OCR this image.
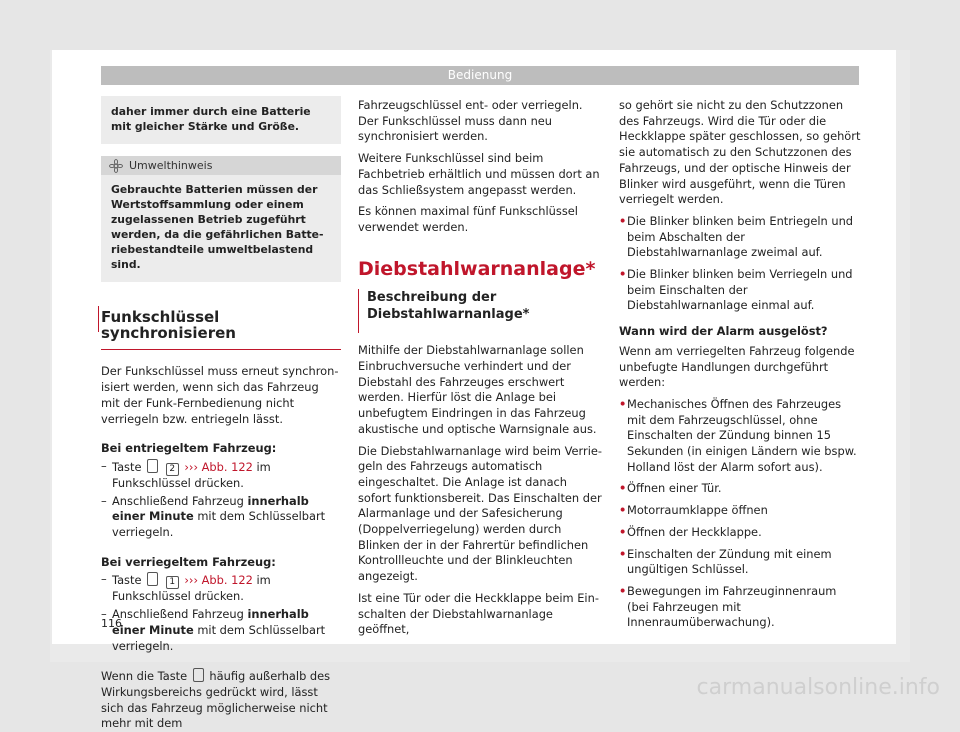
Bedienung
daher immer durch eine Batterie mit gleicher Stärke und Größe.
Umwelthinweis
Gebrauchte Batterien müssen der Wertstoffsammlung oder einem zugelassenen Betrieb zugeführt werden, da die gefährlichen Batteriebestandteile umweltbelastend sind.
Funkschlüssel synchronisieren
Der Funkschlüssel muss erneut synchronisiert werden, wenn sich das Fahrzeug mit der Funk-Fernbedienung nicht verriegeln bzw. entriegeln lässt.
Bei entriegeltem Fahrzeug:
– Taste	2 ››› Abb. 122 im Funkschlüssel drücken.
– Anschließend Fahrzeug innerhalb einer Minute mit dem Schlüsselbart verriegeln.
Bei verriegeltem Fahrzeug:
– Taste	1 ››› Abb. 122 im Funkschlüssel drücken.
– Anschließend Fahrzeug innerhalb einer Minute mit dem Schlüsselbart verriegeln.
Wenn die Taste häufig außerhalb des Wirkungsbereichs gedrückt wird, lässt sich das Fahrzeug möglicherweise nicht mehr mit dem
Fahrzeugschlüssel ent- oder verriegeln. Der Funkschlüssel muss dann neu synchronisiert werden.
Weitere Funkschlüssel sind beim Fachbetrieb erhältlich und müssen dort an das Schließsystem angepasst werden.
Es können maximal fünf Funkschlüssel verwendet werden.
Diebstahlwarnanlage*
Beschreibung der Diebstahlwarnanlage*
Mithilfe der Diebstahlwarnanlage sollen Einbruchversuche verhindert und der Diebstahl des Fahrzeuges erschwert werden. Hierfür löst die Anlage bei unbefugtem Eindringen in das Fahrzeug akustische und optische Warnsignale aus.
Die Diebstahlwarnanlage wird beim Verriegeln des Fahrzeugs automatisch eingeschaltet. Die Anlage ist danach sofort funktionsbereit. Das Einschalten der Alarmanlage und der Safesicherung (Doppelverriegelung) werden durch Blinken der in der Fahrertür befindlichen Kontrollleuchte und der Blinkleuchten angezeigt.
Ist eine Tür oder die Heckklappe beim Einschalten der Diebstahlwarnanlage geöffnet,
so gehört sie nicht zu den Schutzzonen des Fahrzeugs. Wird die Tür oder die Heckklappe später geschlossen, so gehört sie automatisch zu den Schutzzonen des Fahrzeugs, und der optische Hinweis der Blinker wird ausgeführt, wenn die Türen verriegelt werden.
• Die Blinker blinken beim Entriegeln und beim Abschalten der Diebstahlwarnanlage zweimal auf.
• Die Blinker blinken beim Verriegeln und beim Einschalten der Diebstahlwarnanlage einmal auf.
Wann wird der Alarm ausgelöst?
Wenn am verriegelten Fahrzeug folgende unbefugte Handlungen durchgeführt werden:
• Mechanisches Öffnen des Fahrzeuges mit dem Fahrzeugschlüssel, ohne Einschalten der Zündung binnen 15 Sekunden (in einigen Ländern wie bspw. Holland löst der Alarm sofort aus).
• Öffnen einer Tür.
• Motorraumklappe öffnen
• Öffnen der Heckklappe.
• Einschalten der Zündung mit einem ungültigen Schlüssel.
• Bewegungen im Fahrzeuginnenraum (bei Fahrzeugen mit Innenraumüberwachung).
116
carmanualsonline.info
